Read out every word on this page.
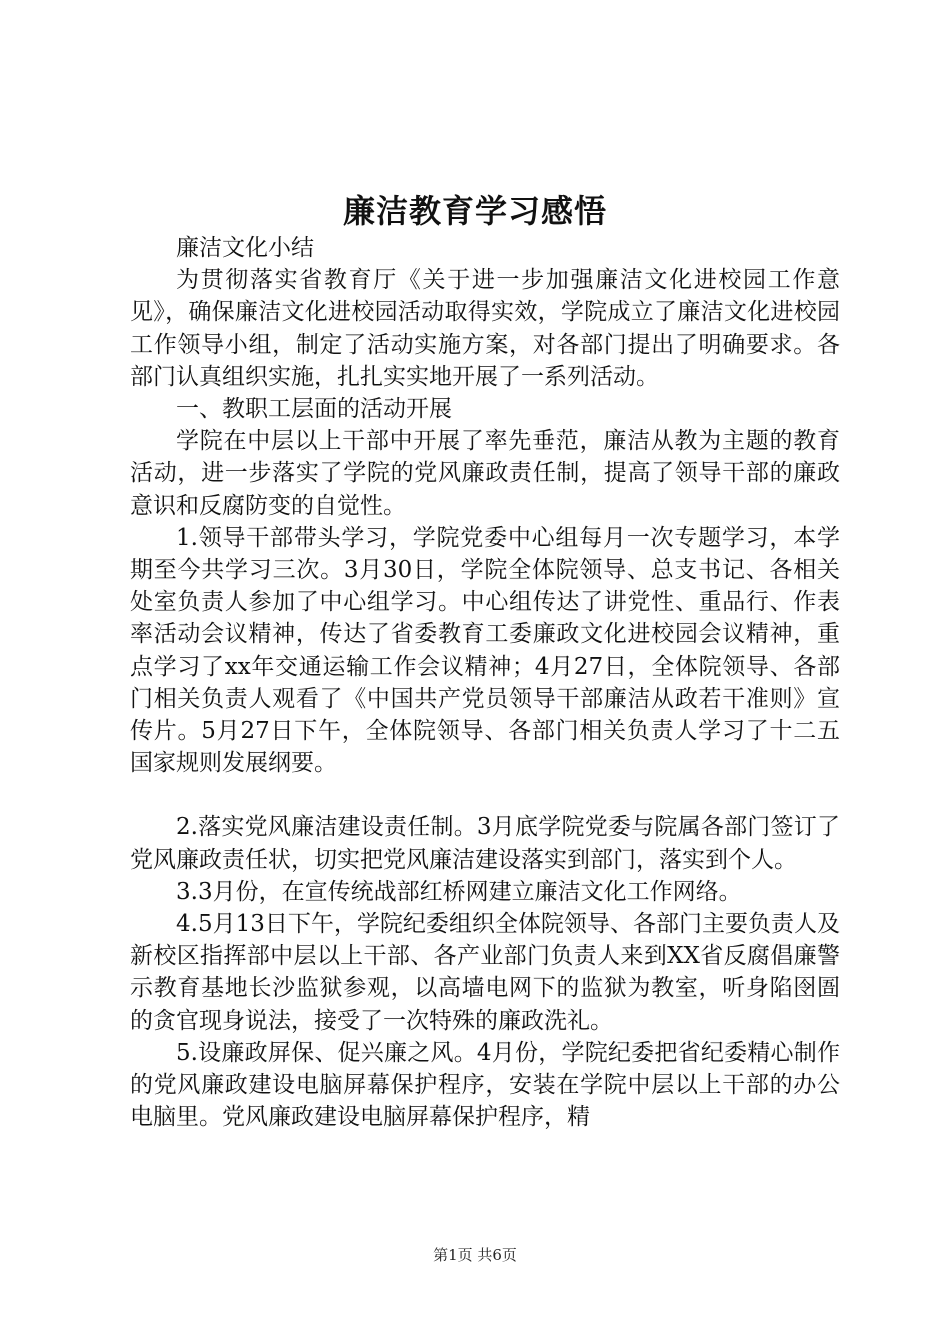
廉洁教育学习感悟

廉洁文化小结

为贯彻落实省教育厅《关于进一步加强廉洁文化进校园工作意见》，确保廉洁文化进校园活动取得实效，学院成立了廉洁文化进校园工作领导小组，制定了活动实施方案，对各部门提出了明确要求。各部门认真组织实施，扎扎实实地开展了一系列活动。

一、教职工层面的活动开展

学院在中层以上干部中开展了率先垂范，廉洁从教为主题的教育活动，进一步落实了学院的党风廉政责任制，提高了领导干部的廉政意识和反腐防变的自觉性。

1.领导干部带头学习，学院党委中心组每月一次专题学习，本学期至今共学习三次。3月30日，学院全体院领导、总支书记、各相关处室负责人参加了中心组学习。中心组传达了讲党性、重品行、作表率活动会议精神，传达了省委教育工委廉政文化进校园会议精神，重点学习了xx年交通运输工作会议精神；4月27日，全体院领导、各部门相关负责人观看了《中国共产党员领导干部廉洁从政若干准则》宣传片。5月27日下午，全体院领导、各部门相关负责人学习了十二五国家规则发展纲要。

2.落实党风廉洁建设责任制。3月底学院党委与院属各部门签订了党风廉政责任状，切实把党风廉洁建设落实到部门，落实到个人。

3.3月份，在宣传统战部红桥网建立廉洁文化工作网络。

4.5月13日下午，学院纪委组织全体院领导、各部门主要负责人及新校区指挥部中层以上干部、各产业部门负责人来到XX省反腐倡廉警示教育基地长沙监狱参观，以高墙电网下的监狱为教室，听身陷囹圄的贪官现身说法，接受了一次特殊的廉政洗礼。

5.设廉政屏保、促兴廉之风。4月份，学院纪委把省纪委精心制作的党风廉政建设电脑屏幕保护程序，安装在学院中层以上干部的办公电脑里。党风廉政建设电脑屏幕保护程序，精

第1页 共6页
